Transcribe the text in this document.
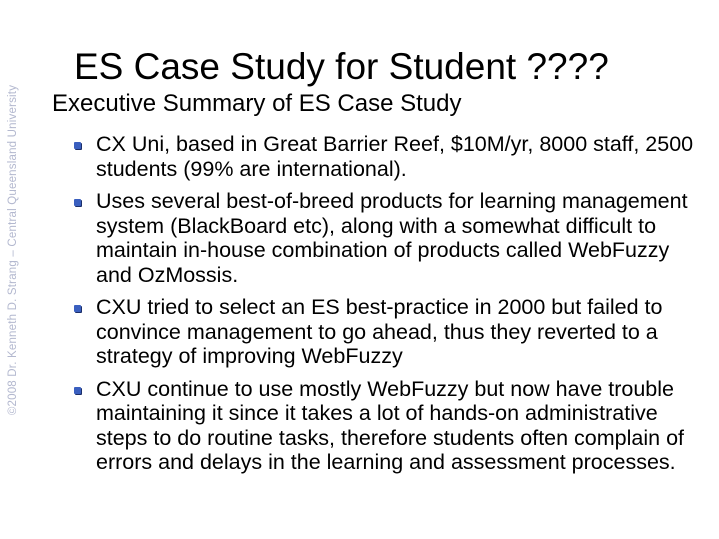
©2008 Dr. Kenneth D. Strang – Central Queensland University
ES Case Study for Student ????
Executive Summary of ES Case Study
CX Uni, based in Great Barrier Reef, $10M/yr, 8000 staff, 2500 students (99% are international).
Uses several best-of-breed products for learning management system (BlackBoard etc), along with a somewhat difficult to maintain in-house combination of products called WebFuzzy and OzMossis.
CXU tried to select an ES best-practice in 2000 but failed to convince management to go ahead, thus they reverted to a strategy of improving WebFuzzy
CXU continue to use mostly WebFuzzy but now have trouble maintaining it since it takes a lot of hands-on administrative steps to do routine tasks, therefore students often complain of errors and delays in the learning and assessment processes.
